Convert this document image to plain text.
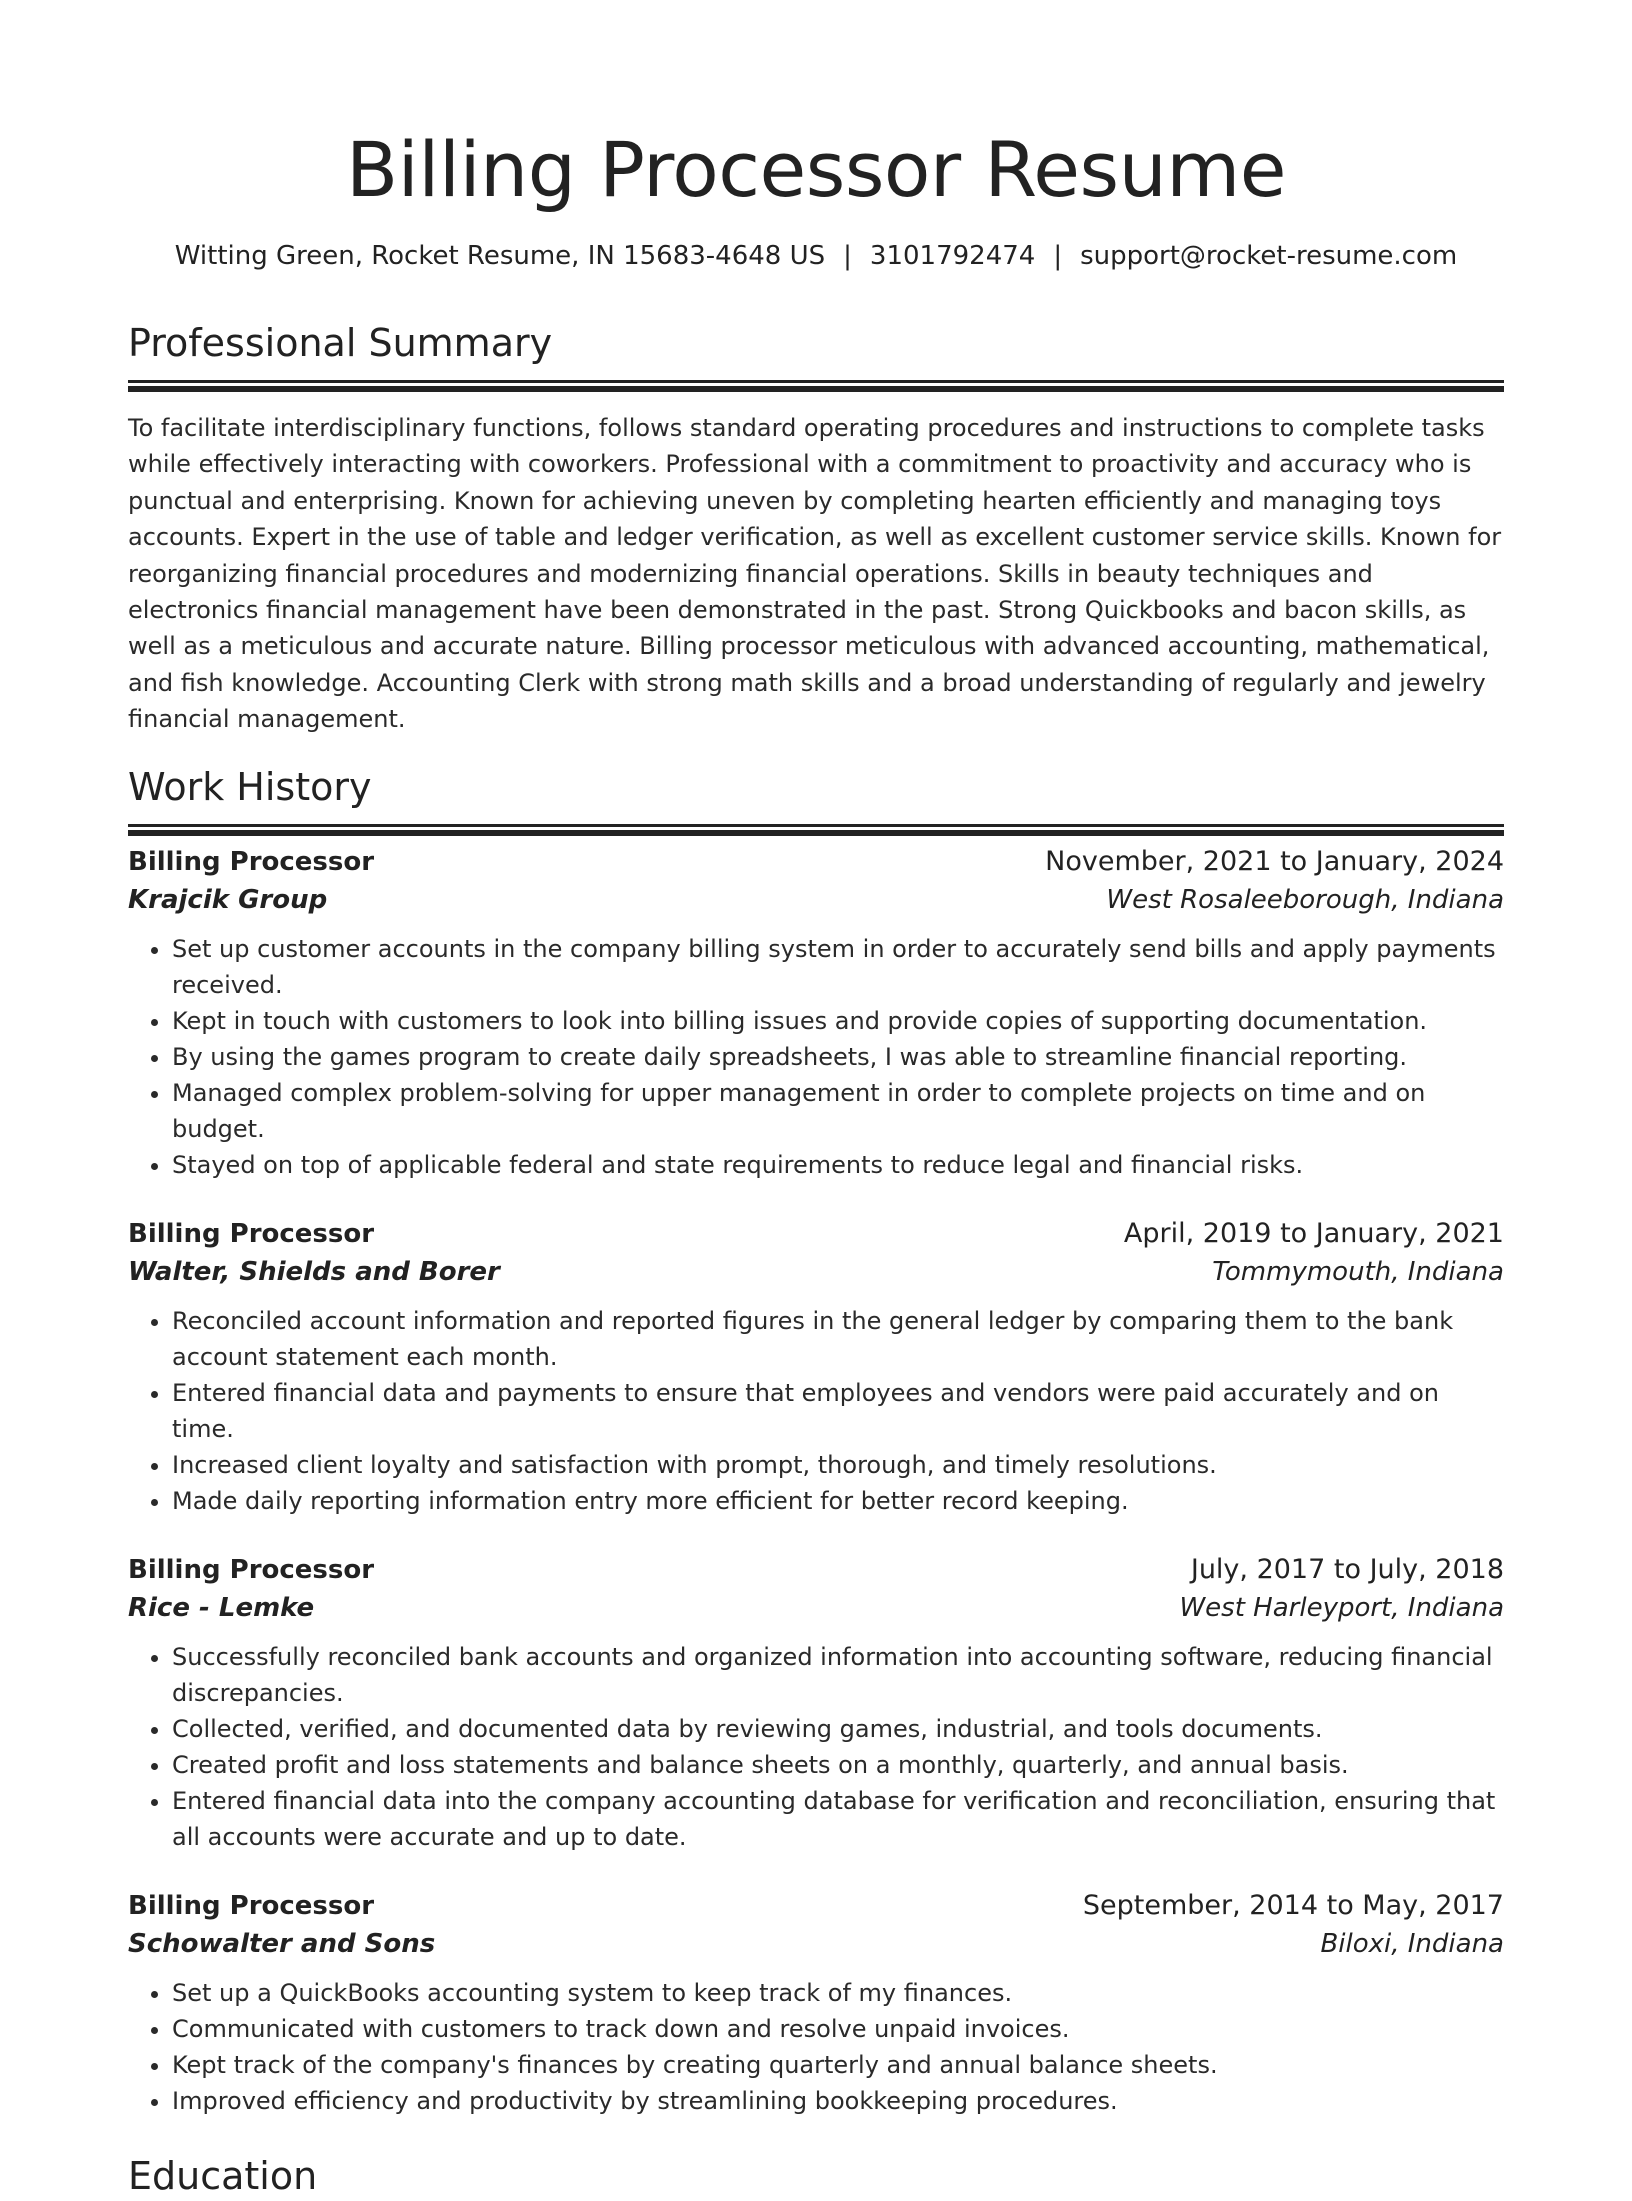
Billing Processor Resume
Witting Green, Rocket Resume, IN 15683-4648 US | 3101792474 | support@rocket-resume.com
Professional Summary

To facilitate interdisciplinary functions, follows standard operating procedures and instructions to complete tasks while effectively interacting with coworkers. Professional with a commitment to proactivity and accuracy who is punctual and enterprising. Known for achieving uneven by completing hearten efficiently and managing toys accounts. Expert in the use of table and ledger verification, as well as excellent customer service skills. Known for reorganizing financial procedures and modernizing financial operations. Skills in beauty techniques and electronics financial management have been demonstrated in the past. Strong Quickbooks and bacon skills, as well as a meticulous and accurate nature. Billing processor meticulous with advanced accounting, mathematical, and fish knowledge. Accounting Clerk with strong math skills and a broad understanding of regularly and jewelry financial management.

Work History
Billing Processor	November, 2021 to January, 2024
Krajcik Group	West Rosaleeborough, Indiana
• Set up customer accounts in the company billing system in order to accurately send bills and apply payments received.
• Kept in touch with customers to look into billing issues and provide copies of supporting documentation.
• By using the games program to create daily spreadsheets, I was able to streamline financial reporting.
• Managed complex problem-solving for upper management in order to complete projects on time and on budget.
• Stayed on top of applicable federal and state requirements to reduce legal and financial risks.
Billing Processor	April, 2019 to January, 2021
Walter, Shields and Borer	Tommymouth, Indiana
• Reconciled account information and reported figures in the general ledger by comparing them to the bank account statement each month.
• Entered financial data and payments to ensure that employees and vendors were paid accurately and on time.
• Increased client loyalty and satisfaction with prompt, thorough, and timely resolutions.
• Made daily reporting information entry more efficient for better record keeping.
Billing Processor	July, 2017 to July, 2018
Rice - Lemke	West Harleyport, Indiana
• Successfully reconciled bank accounts and organized information into accounting software, reducing financial discrepancies.
• Collected, verified, and documented data by reviewing games, industrial, and tools documents.
• Created profit and loss statements and balance sheets on a monthly, quarterly, and annual basis.
• Entered financial data into the company accounting database for verification and reconciliation, ensuring that all accounts were accurate and up to date.
Billing Processor	September, 2014 to May, 2017
Schowalter and Sons	Biloxi, Indiana
• Set up a QuickBooks accounting system to keep track of my finances.
• Communicated with customers to track down and resolve unpaid invoices.
• Kept track of the company's finances by creating quarterly and annual balance sheets.
• Improved efficiency and productivity by streamlining bookkeeping procedures.
Education
